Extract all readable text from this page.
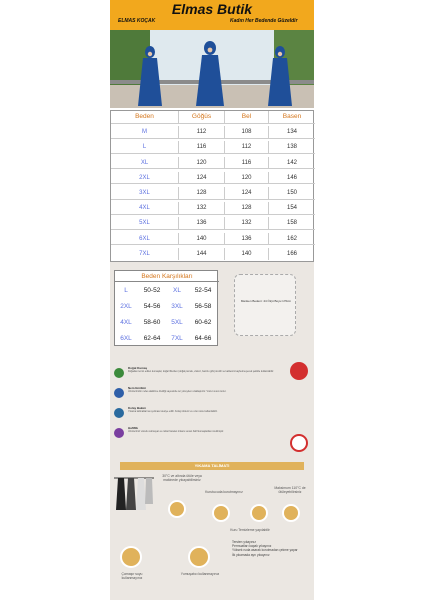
Elmas Butik
ELMAS KOÇAK	Kadın Her Bedende Güzeldir
Beden	Göğüs	Bel	Basen
M	112	108	134
L	116	112	138
XL	120	116	142
2XL	124	120	146
3XL	128	124	150
4XL	132	128	154
5XL	136	132	158
6XL	140	136	162
7XL	144	140	166
Beden Karşılıkları
L	50-52	XL	52-54
2XL	54-56	3XL	56-58
4XL	58-60	5XL	60-62
6XL	62-64	7XL	64-66
Manken Bedeni: 44 Ölçü Boyu:170cm
Doğal Kumaş
Doğadan temin edilen kumaşlar, doğal liflerden (doğal pamuk, viskoz, bambu gibi) üretilir ve kalitesini kaybetmeyecek şekilde kullanılabilir.
Nem Emilimi
Ürünlerimizin nefes alabilme özelliği sayesinde ter yüzeyden uzaklaştırılır. Vücut ısısını korur.
Kolay Bakım
Yıkama talimatlarına uyulması tavsiye edilir. Kolay ütülenir ve uzun süre kullanılabilir.
Hafiflik
Ürünlerimiz vücudu sıkmayan ve rahat hareket imkanı sunan hafif kumaşlardan üretilmiştir.
YIKAMA TALİMATI
30°C ve altında ütüle veya makinede yıkayabilirsiniz
Kurutucuda kurutmayınız
Maksimum 110°C de ütüleyebilirsiniz
Kuru Temizleme yapılabilir
Çamaşır suyu kullanmayınız
Yumuşatıcı kullanmayınız
Tersten yıkayınız
Permuatları kapalı yıkayınız
Yüksek ısıda asarak kurutmadan çekme yapar
İlk yıkamada ayrı yıkayınız
